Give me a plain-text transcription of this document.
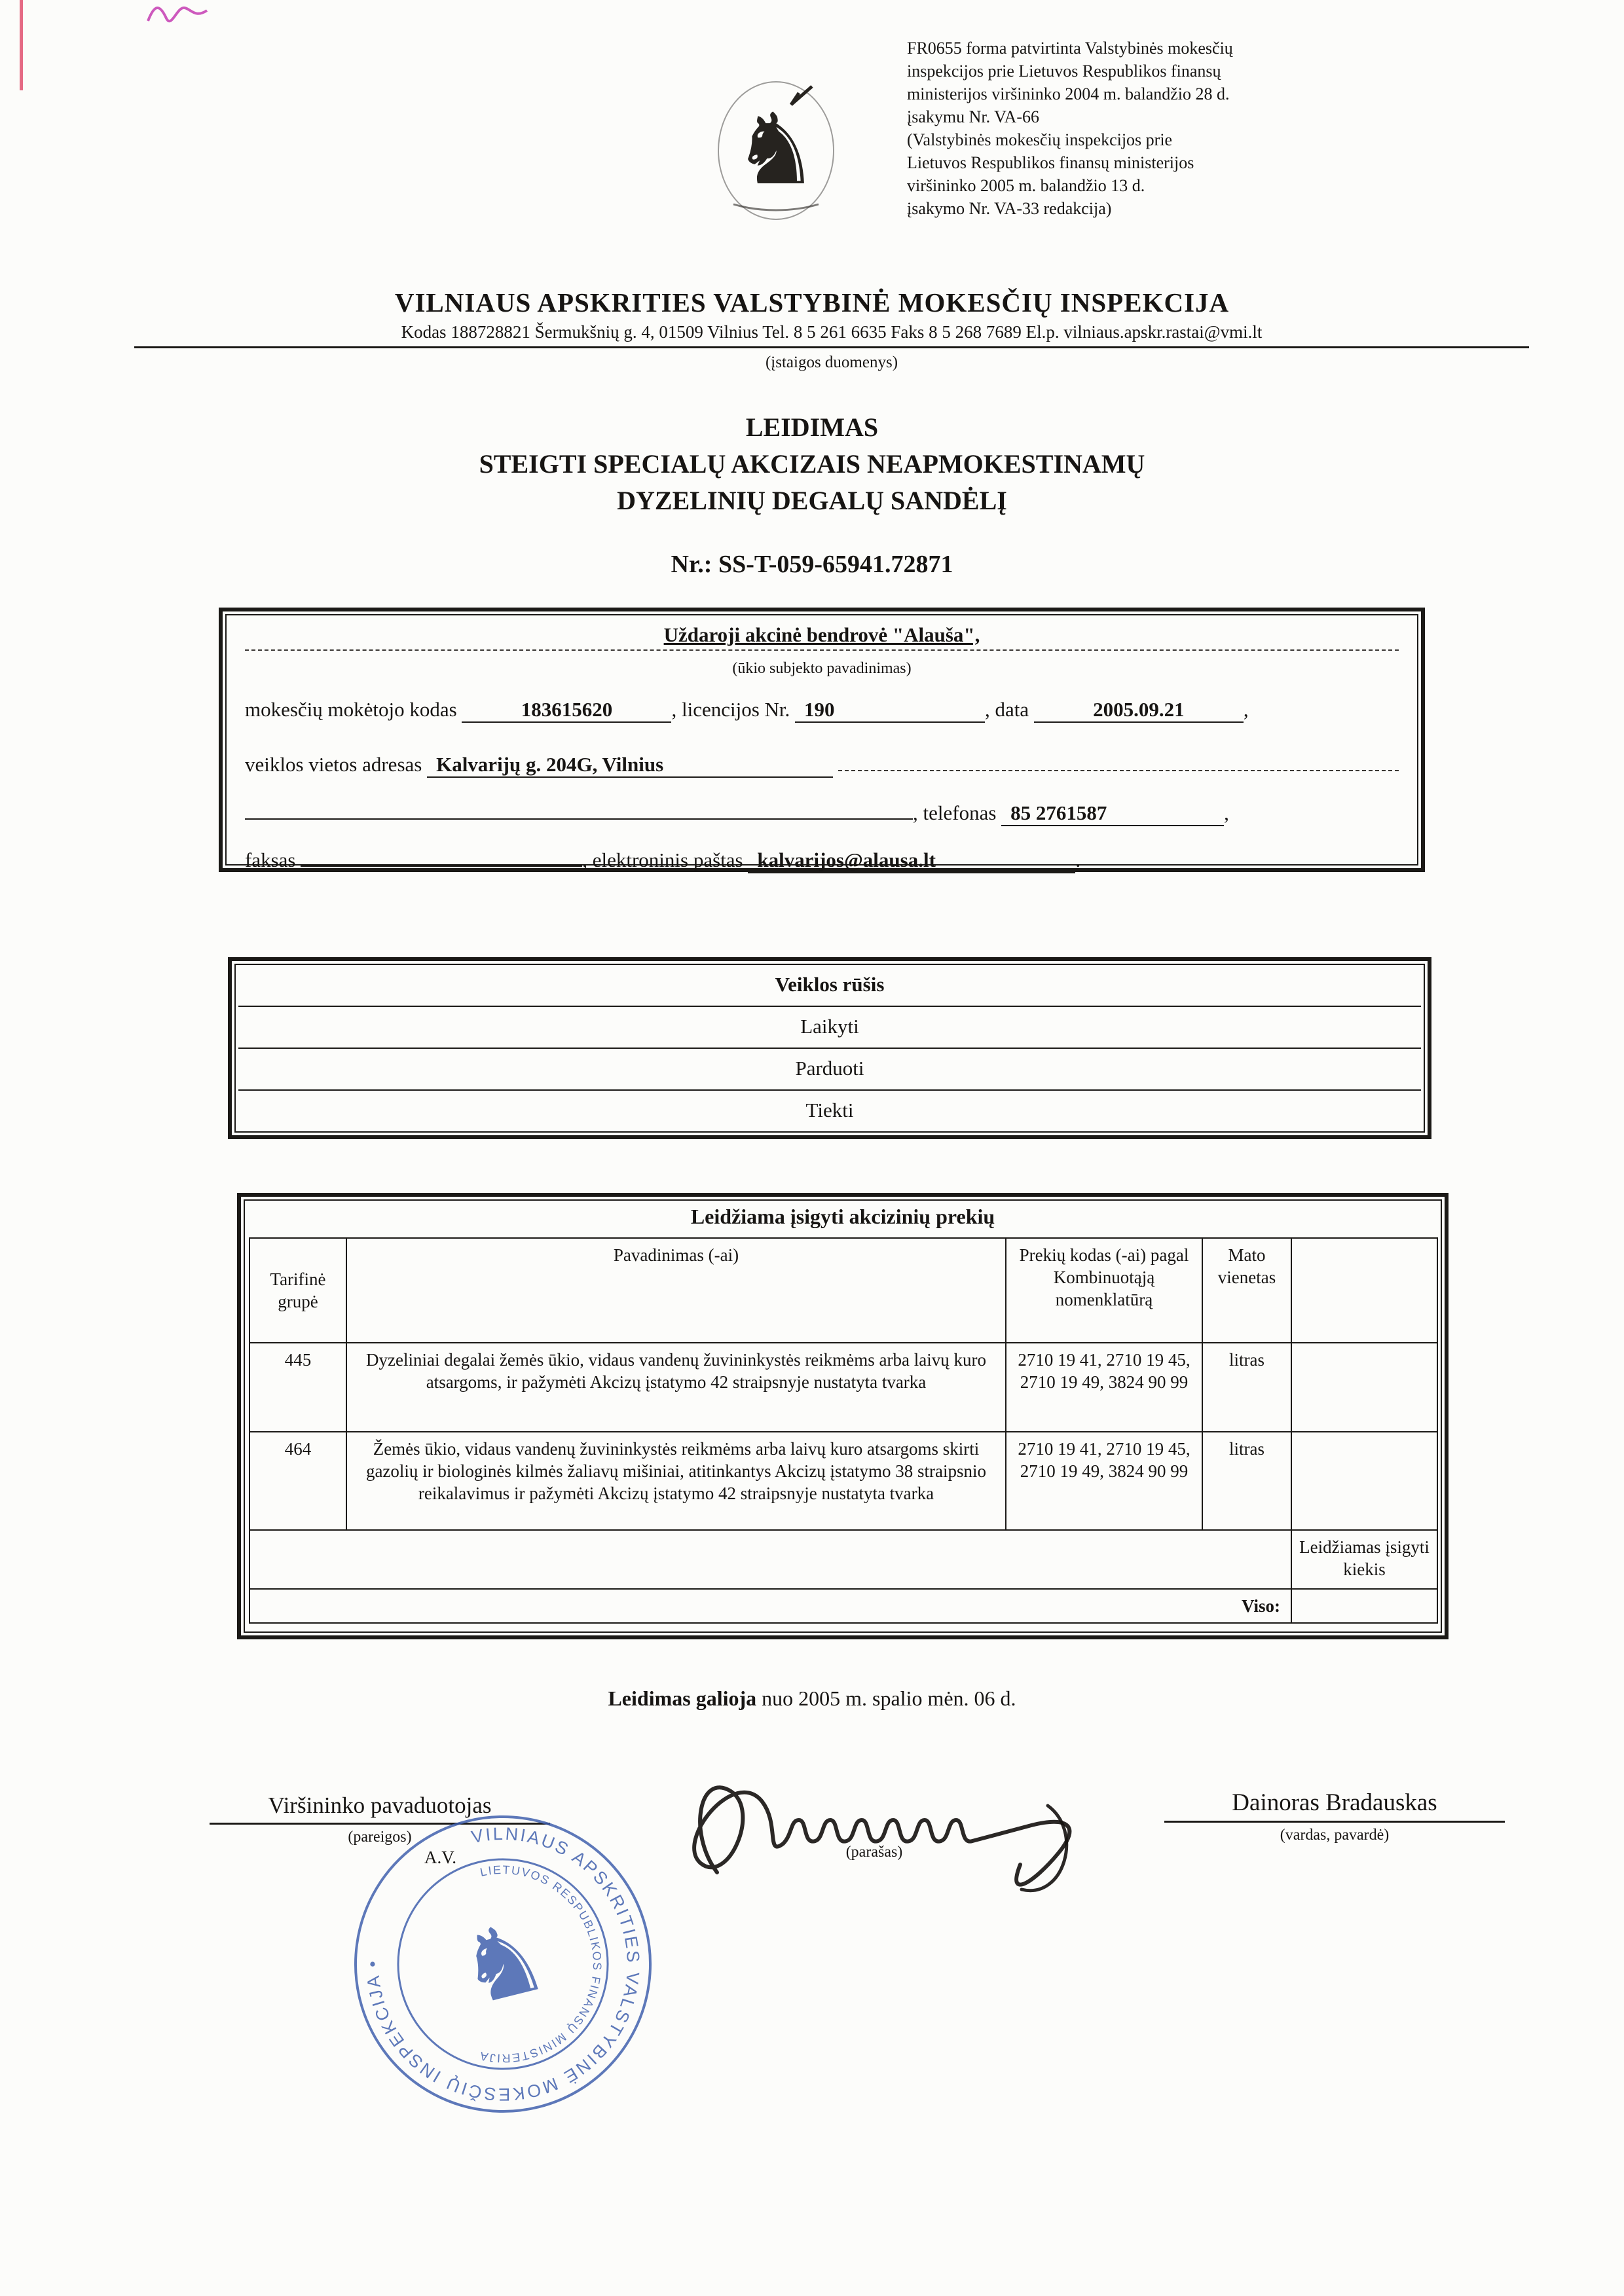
FR0655 forma patvirtinta Valstybinės mokesčių
inspekcijos prie Lietuvos Respublikos finansų
ministerijos viršininko 2004 m. balandžio 28 d.
įsakymu Nr. VA-66
(Valstybinės mokesčių inspekcijos prie
Lietuvos Respublikos finansų ministerijos
viršininko 2005 m. balandžio 13 d.
įsakymo Nr. VA-33 redakcija)
♞
VILNIAUS APSKRITIES VALSTYBINĖ MOKESČIŲ INSPEKCIJA
Kodas 188728821 Šermukšnių g. 4, 01509 Vilnius Tel. 8 5 261 6635 Faks 8 5 268 7689 El.p. vilniaus.apskr.rastai@vmi.lt
(įstaigos duomenys)
LEIDIMAS
STEIGTI SPECIALŲ AKCIZAIS NEAPMOKESTINAMŲ
DYZELINIŲ DEGALŲ SANDĖLĮ
Nr.: SS-T-059-65941.72871
Uždaroji akcinė bendrovė "Alauša",
(ūkio subjekto pavadinimas)
mokesčių mokėtojo kodas
	183615620	, licencijos Nr.
190	, data
	2005.09.21	,
veiklos vietos adresas
Kalvarijų g. 204G, Vilnius
, telefonas
85 2761587	,
faksas
	, elektroninis paštas
kalvarijos@alausa.lt	.
Veiklos rūšis
Laikyti
Parduoti
Tiekti
Leidžiama įsigyti akcizinių prekių
Tarifinė grupė	Pavadinimas (-ai)	Prekių kodas (-ai) pagal Kombinuotąją nomenklatūrą	Mato vienetas	
445	Dyzeliniai degalai žemės ūkio, vidaus vandenų žuvininkystės reikmėms arba laivų kuro atsargoms, ir pažymėti Akcizų įstatymo 42 straipsnyje nustatyta tvarka	2710 19 41, 2710 19 45, 2710 19 49, 3824 90 99	litras	
464	Žemės ūkio, vidaus vandenų žuvininkystės reikmėms arba laivų kuro atsargoms skirti gazolių ir biologinės kilmės žaliavų mišiniai, atitinkantys Akcizų įstatymo 38 straipsnio reikalavimus ir pažymėti Akcizų įstatymo 42 straipsnyje nustatyta tvarka	2710 19 41, 2710 19 45, 2710 19 49, 3824 90 99	litras	
				Leidžiamas įsigyti kiekis
Viso:				
Leidimas galioja nuo 2005 m. spalio mėn. 06 d.
Viršininko pavaduotojas
(pareigos)
A.V.	(parašas)
Dainoras Bradauskas
(vardas, pavardė)
VILNIAUS APSKRITIES VALSTYBINĖ MOKESČIŲ INSPEKCIJA •
LIETUVOS RESPUBLIKOS FINANSŲ MINISTERIJA
♞
